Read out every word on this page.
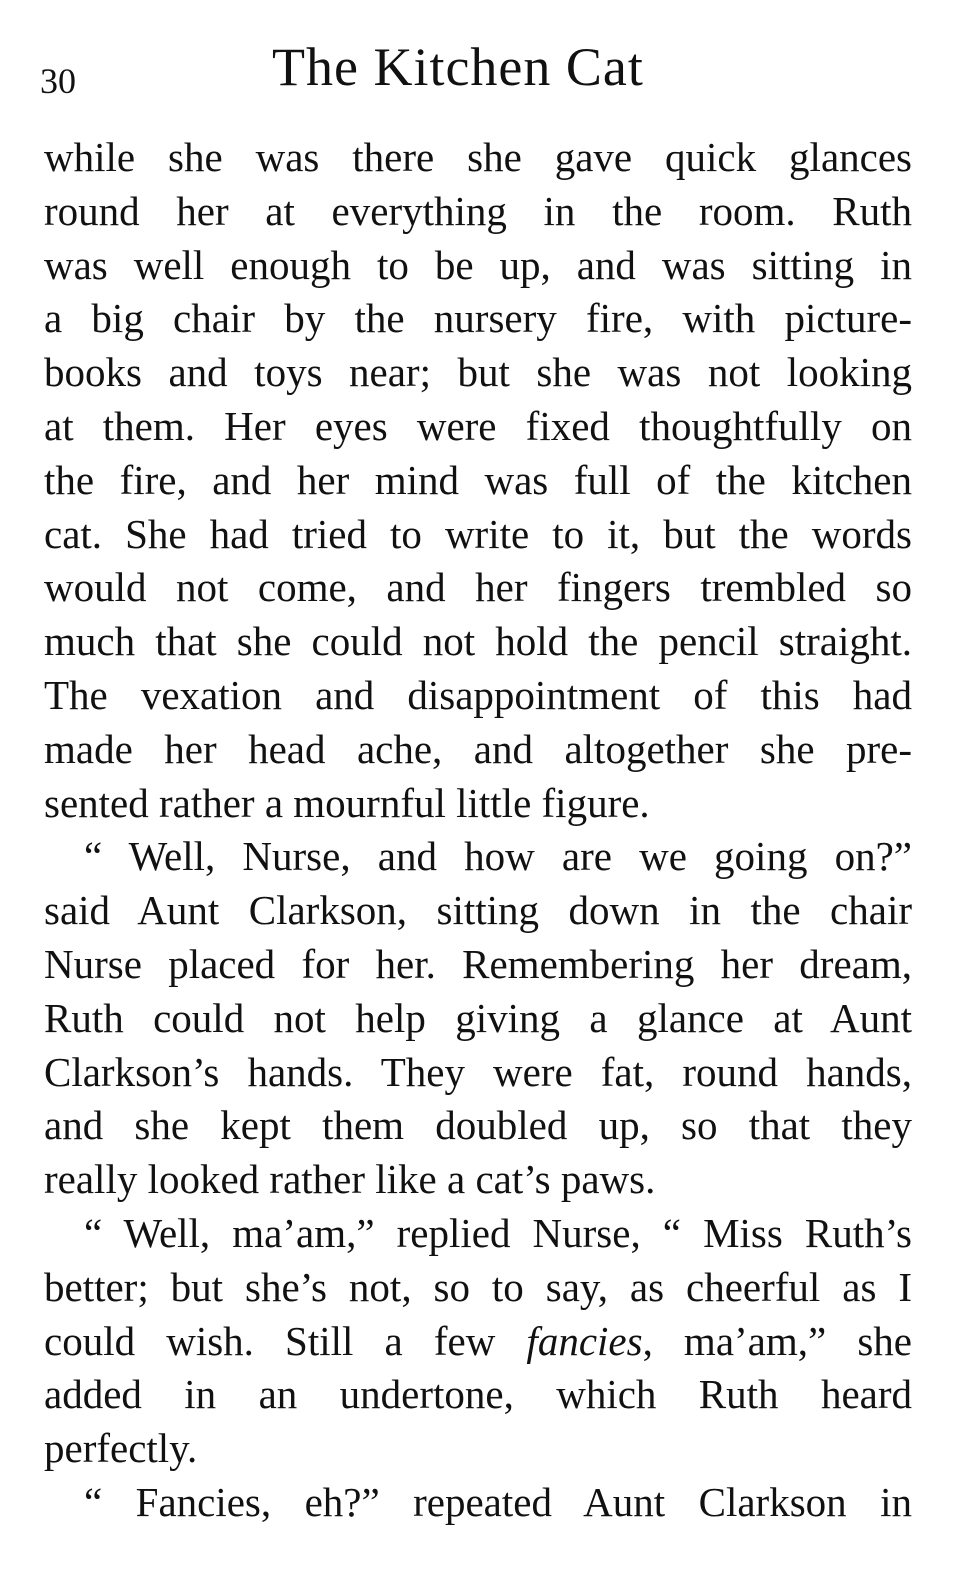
30	The Kitchen Cat
while she was there she gave quick glances
round her at everything in the room. Ruth
was well enough to be up, and was sitting in
a big chair by the nursery fire, with picture-
books and toys near; but she was not looking
at them. Her eyes were fixed thoughtfully on
the fire, and her mind was full of the kitchen
cat. She had tried to write to it, but the words
would not come, and her fingers trembled so
much that she could not hold the pencil straight.
The vexation and disappointment of this had
made her head ache, and altogether she pre-
sented rather a mournful little figure.
“ Well, Nurse, and how are we going on?”
said Aunt Clarkson, sitting down in the chair
Nurse placed for her. Remembering her dream,
Ruth could not help giving a glance at Aunt
Clarkson’s hands. They were fat, round hands,
and she kept them doubled up, so that they
really looked rather like a cat’s paws.
“ Well, ma’am,” replied Nurse, “ Miss Ruth’s
better; but she’s not, so to say, as cheerful as I
could wish. Still a few fancies, ma’am,” she
added in an undertone, which Ruth heard
perfectly.
“ Fancies, eh?” repeated Aunt Clarkson in
